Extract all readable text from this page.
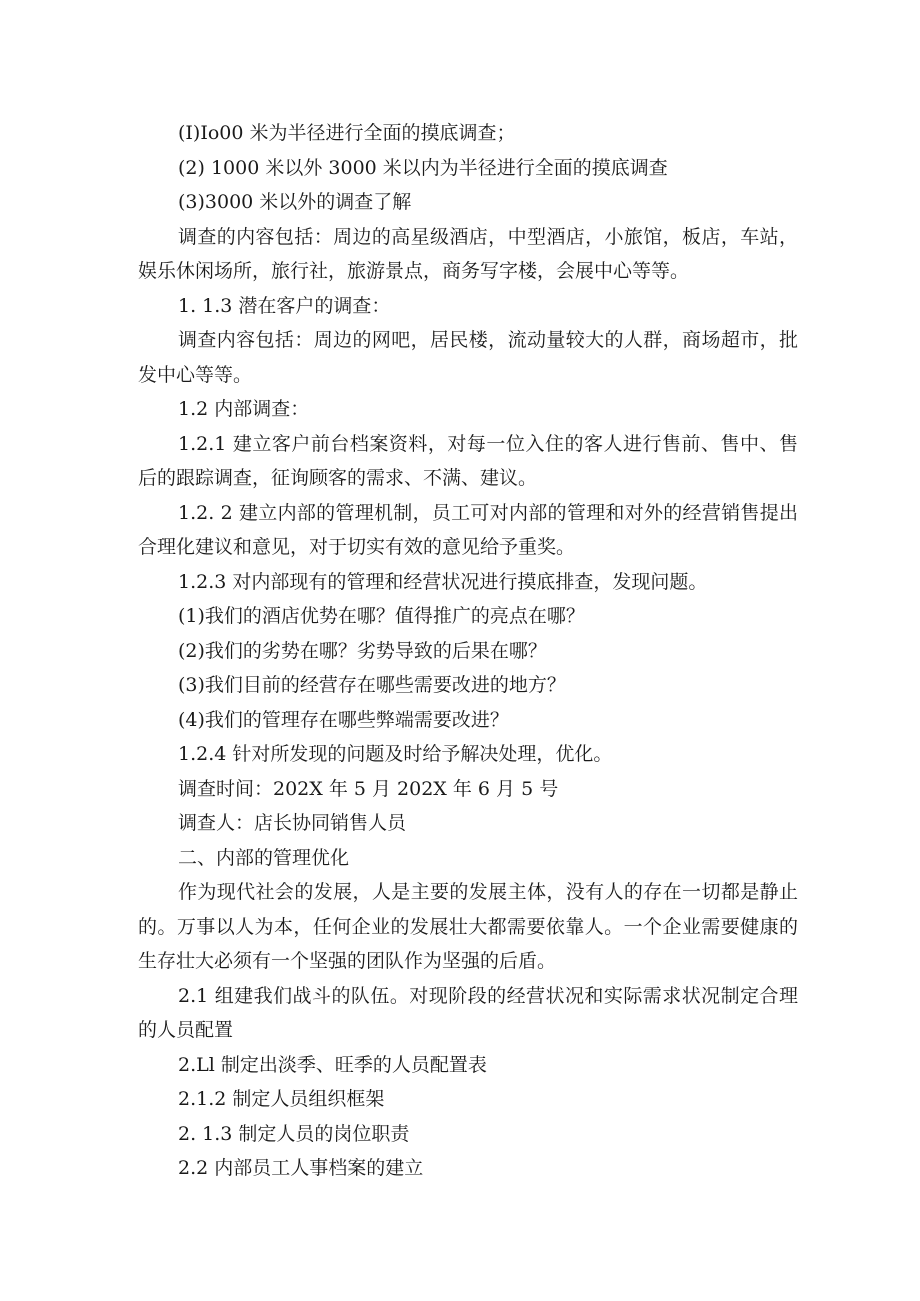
(I)Io00 米为半径进行全面的摸底调查；

(2) 1000 米以外 3000 米以内为半径进行全面的摸底调查

(3)3000 米以外的调查了解

调查的内容包括：周边的高星级酒店，中型酒店，小旅馆，板店，车站，娱乐休闲场所，旅行社，旅游景点，商务写字楼，会展中心等等。

1. 1.3 潜在客户的调查：

调查内容包括：周边的网吧，居民楼，流动量较大的人群，商场超市，批发中心等等。

1.2 内部调查：

1.2.1 建立客户前台档案资料，对每一位入住的客人进行售前、售中、售后的跟踪调查，征询顾客的需求、不满、建议。

1.2. 2 建立内部的管理机制，员工可对内部的管理和对外的经营销售提出合理化建议和意见，对于切实有效的意见给予重奖。

1.2.3 对内部现有的管理和经营状况进行摸底排查，发现问题。

(1)我们的酒店优势在哪？值得推广的亮点在哪？

(2)我们的劣势在哪？劣势导致的后果在哪？

(3)我们目前的经营存在哪些需要改进的地方？

(4)我们的管理存在哪些弊端需要改进？

1.2.4 针对所发现的问题及时给予解决处理，优化。

调查时间：202X 年 5 月 202X 年 6 月 5 号

调查人：店长协同销售人员

二、内部的管理优化

作为现代社会的发展，人是主要的发展主体，没有人的存在一切都是静止的。万事以人为本，任何企业的发展壮大都需要依靠人。一个企业需要健康的生存壮大必须有一个坚强的团队作为坚强的后盾。

2.1 组建我们战斗的队伍。对现阶段的经营状况和实际需求状况制定合理的人员配置

2.Ll 制定出淡季、旺季的人员配置表

2.1.2 制定人员组织框架

2. 1.3 制定人员的岗位职责

2.2 内部员工人事档案的建立
